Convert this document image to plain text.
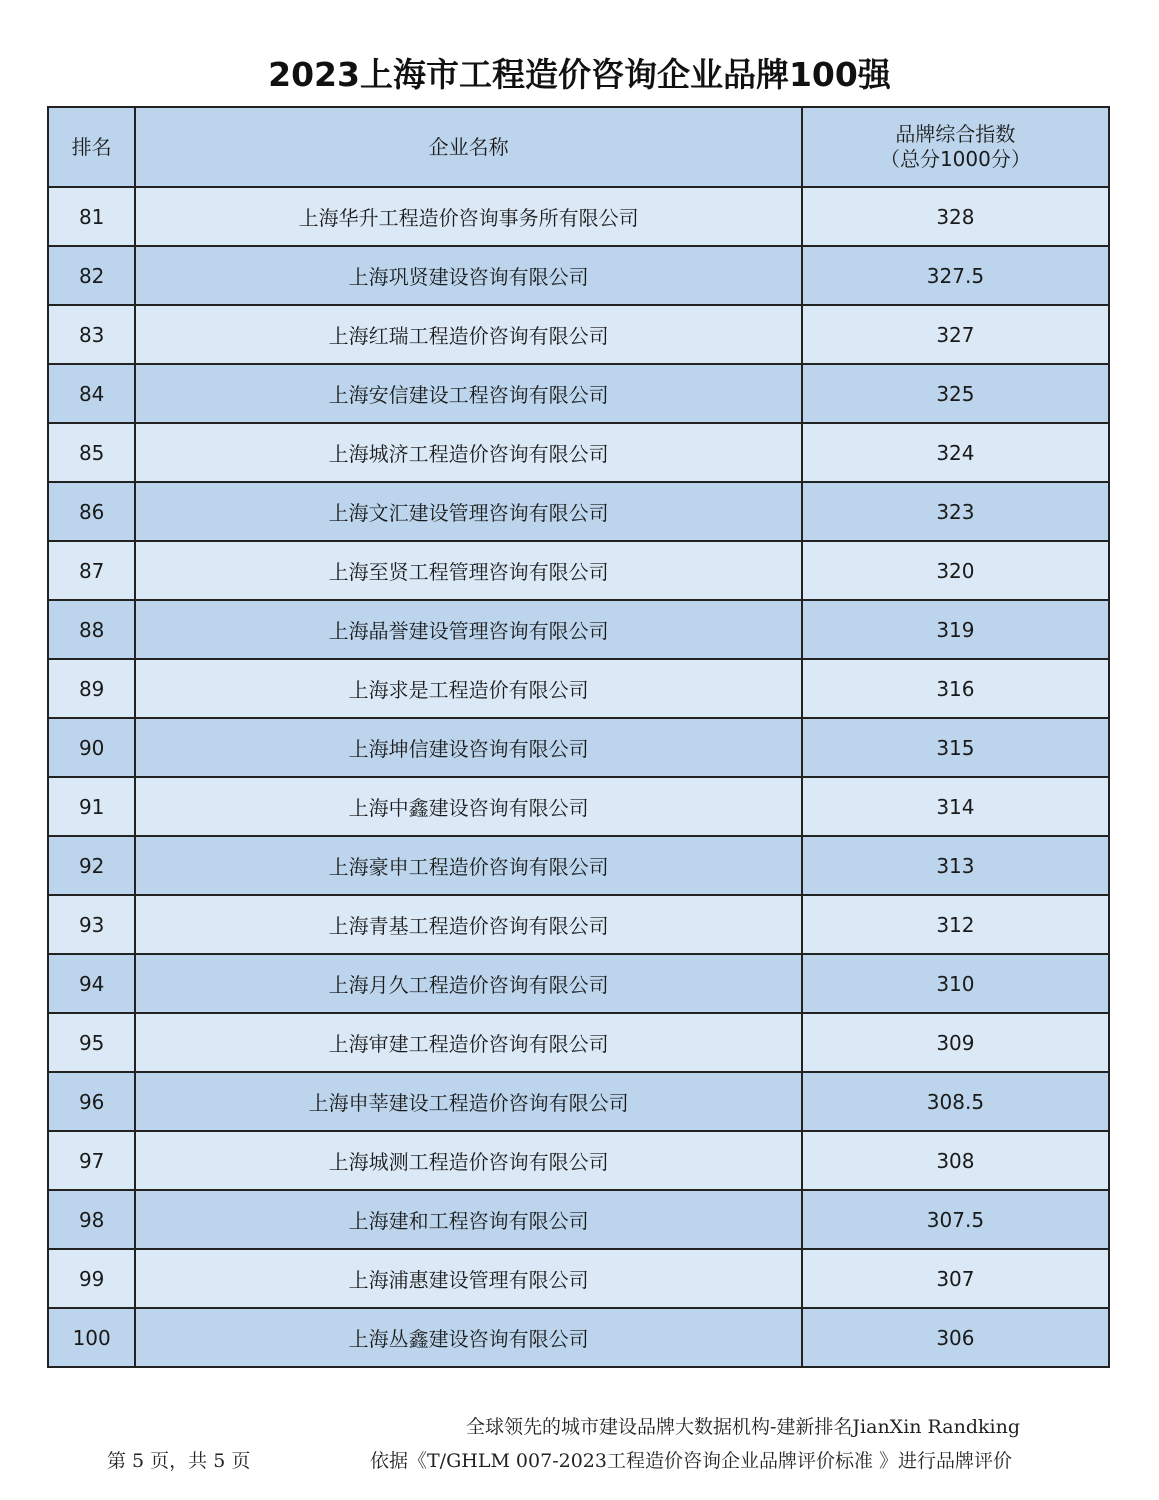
2023上海市工程造价咨询企业品牌100强
排名	企业名称	品牌综合指数
（总分1000分）

81	上海华升工程造价咨询事务所有限公司	328
82	上海巩贤建设咨询有限公司	327.5
83	上海红瑞工程造价咨询有限公司	327
84	上海安信建设工程咨询有限公司	325
85	上海城济工程造价咨询有限公司	324
86	上海文汇建设管理咨询有限公司	323
87	上海至贤工程管理咨询有限公司	320
88	上海晶誉建设管理咨询有限公司	319
89	上海求是工程造价有限公司	316
90	上海坤信建设咨询有限公司	315
91	上海中鑫建设咨询有限公司	314
92	上海豪申工程造价咨询有限公司	313
93	上海青基工程造价咨询有限公司	312
94	上海月久工程造价咨询有限公司	310
95	上海审建工程造价咨询有限公司	309
96	上海申莘建设工程造价咨询有限公司	308.5
97	上海城测工程造价咨询有限公司	308
98	上海建和工程咨询有限公司	307.5
99	上海浦惠建设管理有限公司	307
100	上海丛鑫建设咨询有限公司	306
全球领先的城市建设品牌大数据机构-建新排名JianXin Randking
第 5 页，共 5 页	依据《T/GHLM 007-2023工程造价咨询企业品牌评价标准 》进行品牌评价
